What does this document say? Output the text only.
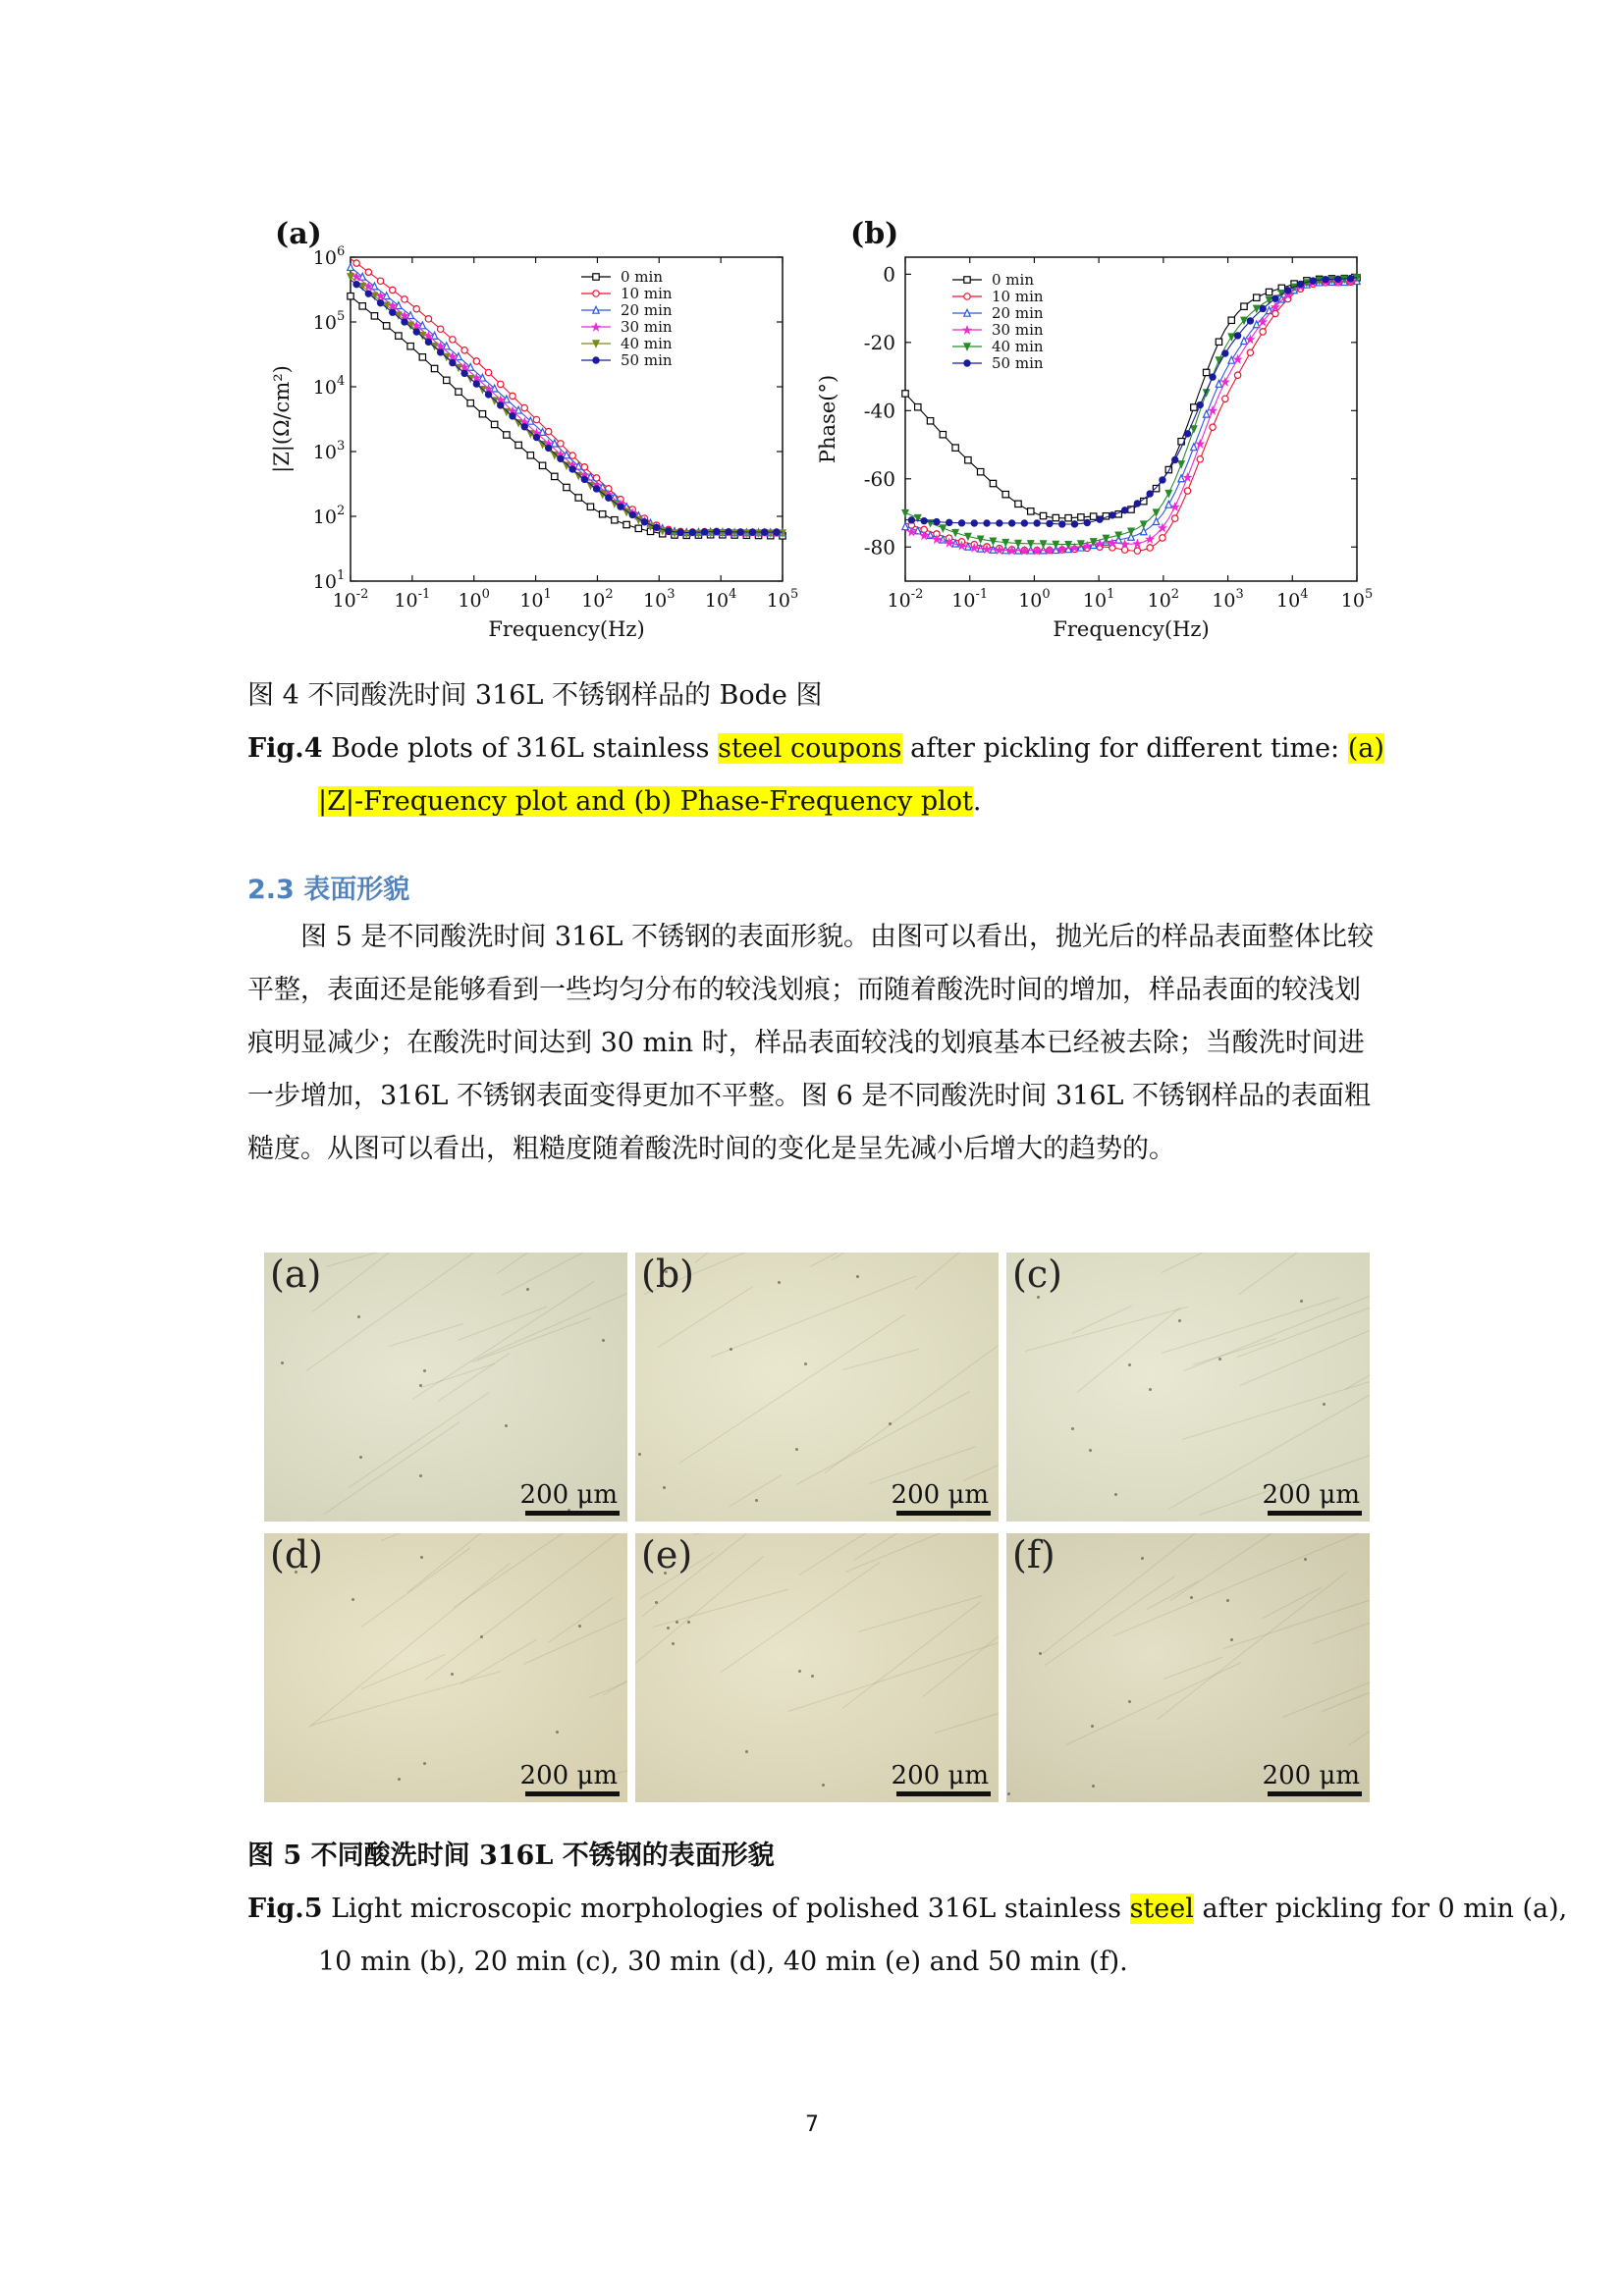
(a)
$10^{-2}$ $10^{-1}$ $10^0$ $10^1$ $10^2$ $10^3$ $10^4$ $10^5$
$10^1$
$10^2$
$10^3$
$10^4$
$10^5$
$10^6$
Frequency(Hz)
|Z|(Ω/cm²)
0 min
10 min
20 min
30 min
40 min
50 min
(b)
$10^{-2}$ $10^{-1}$ $10^0$ $10^1$ $10^2$ $10^3$ $10^4$ $10^5$
0
-20
-40
-60
-80
Frequency(Hz)
Phase(°)
0 min
10 min
20 min
30 min
40 min
50 min
图 4 不同酸洗时间 316L 不锈钢样品的 Bode 图
Fig.4 Bode plots of 316L stainless steel coupons after pickling for different time: (a)
|Z|-Frequency plot and (b) Phase-Frequency plot.
2.3 表面形貌

图 5 是不同酸洗时间 316L 不锈钢的表面形貌。由图可以看出，抛光后的样品表面整体比较平整，表面还是能够看到一些均匀分布的较浅划痕；而随着酸洗时间的增加，样品表面的较浅划痕明显减少；在酸洗时间达到 30 min 时，样品表面较浅的划痕基本已经被去除；当酸洗时间进一步增加，316L 不锈钢表面变得更加不平整。图 6 是不同酸洗时间 316L 不锈钢样品的表面粗糙度。从图可以看出，粗糙度随着酸洗时间的变化是呈先减小后增大的趋势的。

(a)
200 μm
(b)
200 μm
(c)
200 μm
(d)
200 μm
(e)
200 μm
(f)
200 μm
图 5 不同酸洗时间 316L 不锈钢的表面形貌
Fig.5 Light microscopic morphologies of polished 316L stainless steel after pickling for 0 min (a),
10 min (b), 20 min (c), 30 min (d), 40 min (e) and 50 min (f).
7
